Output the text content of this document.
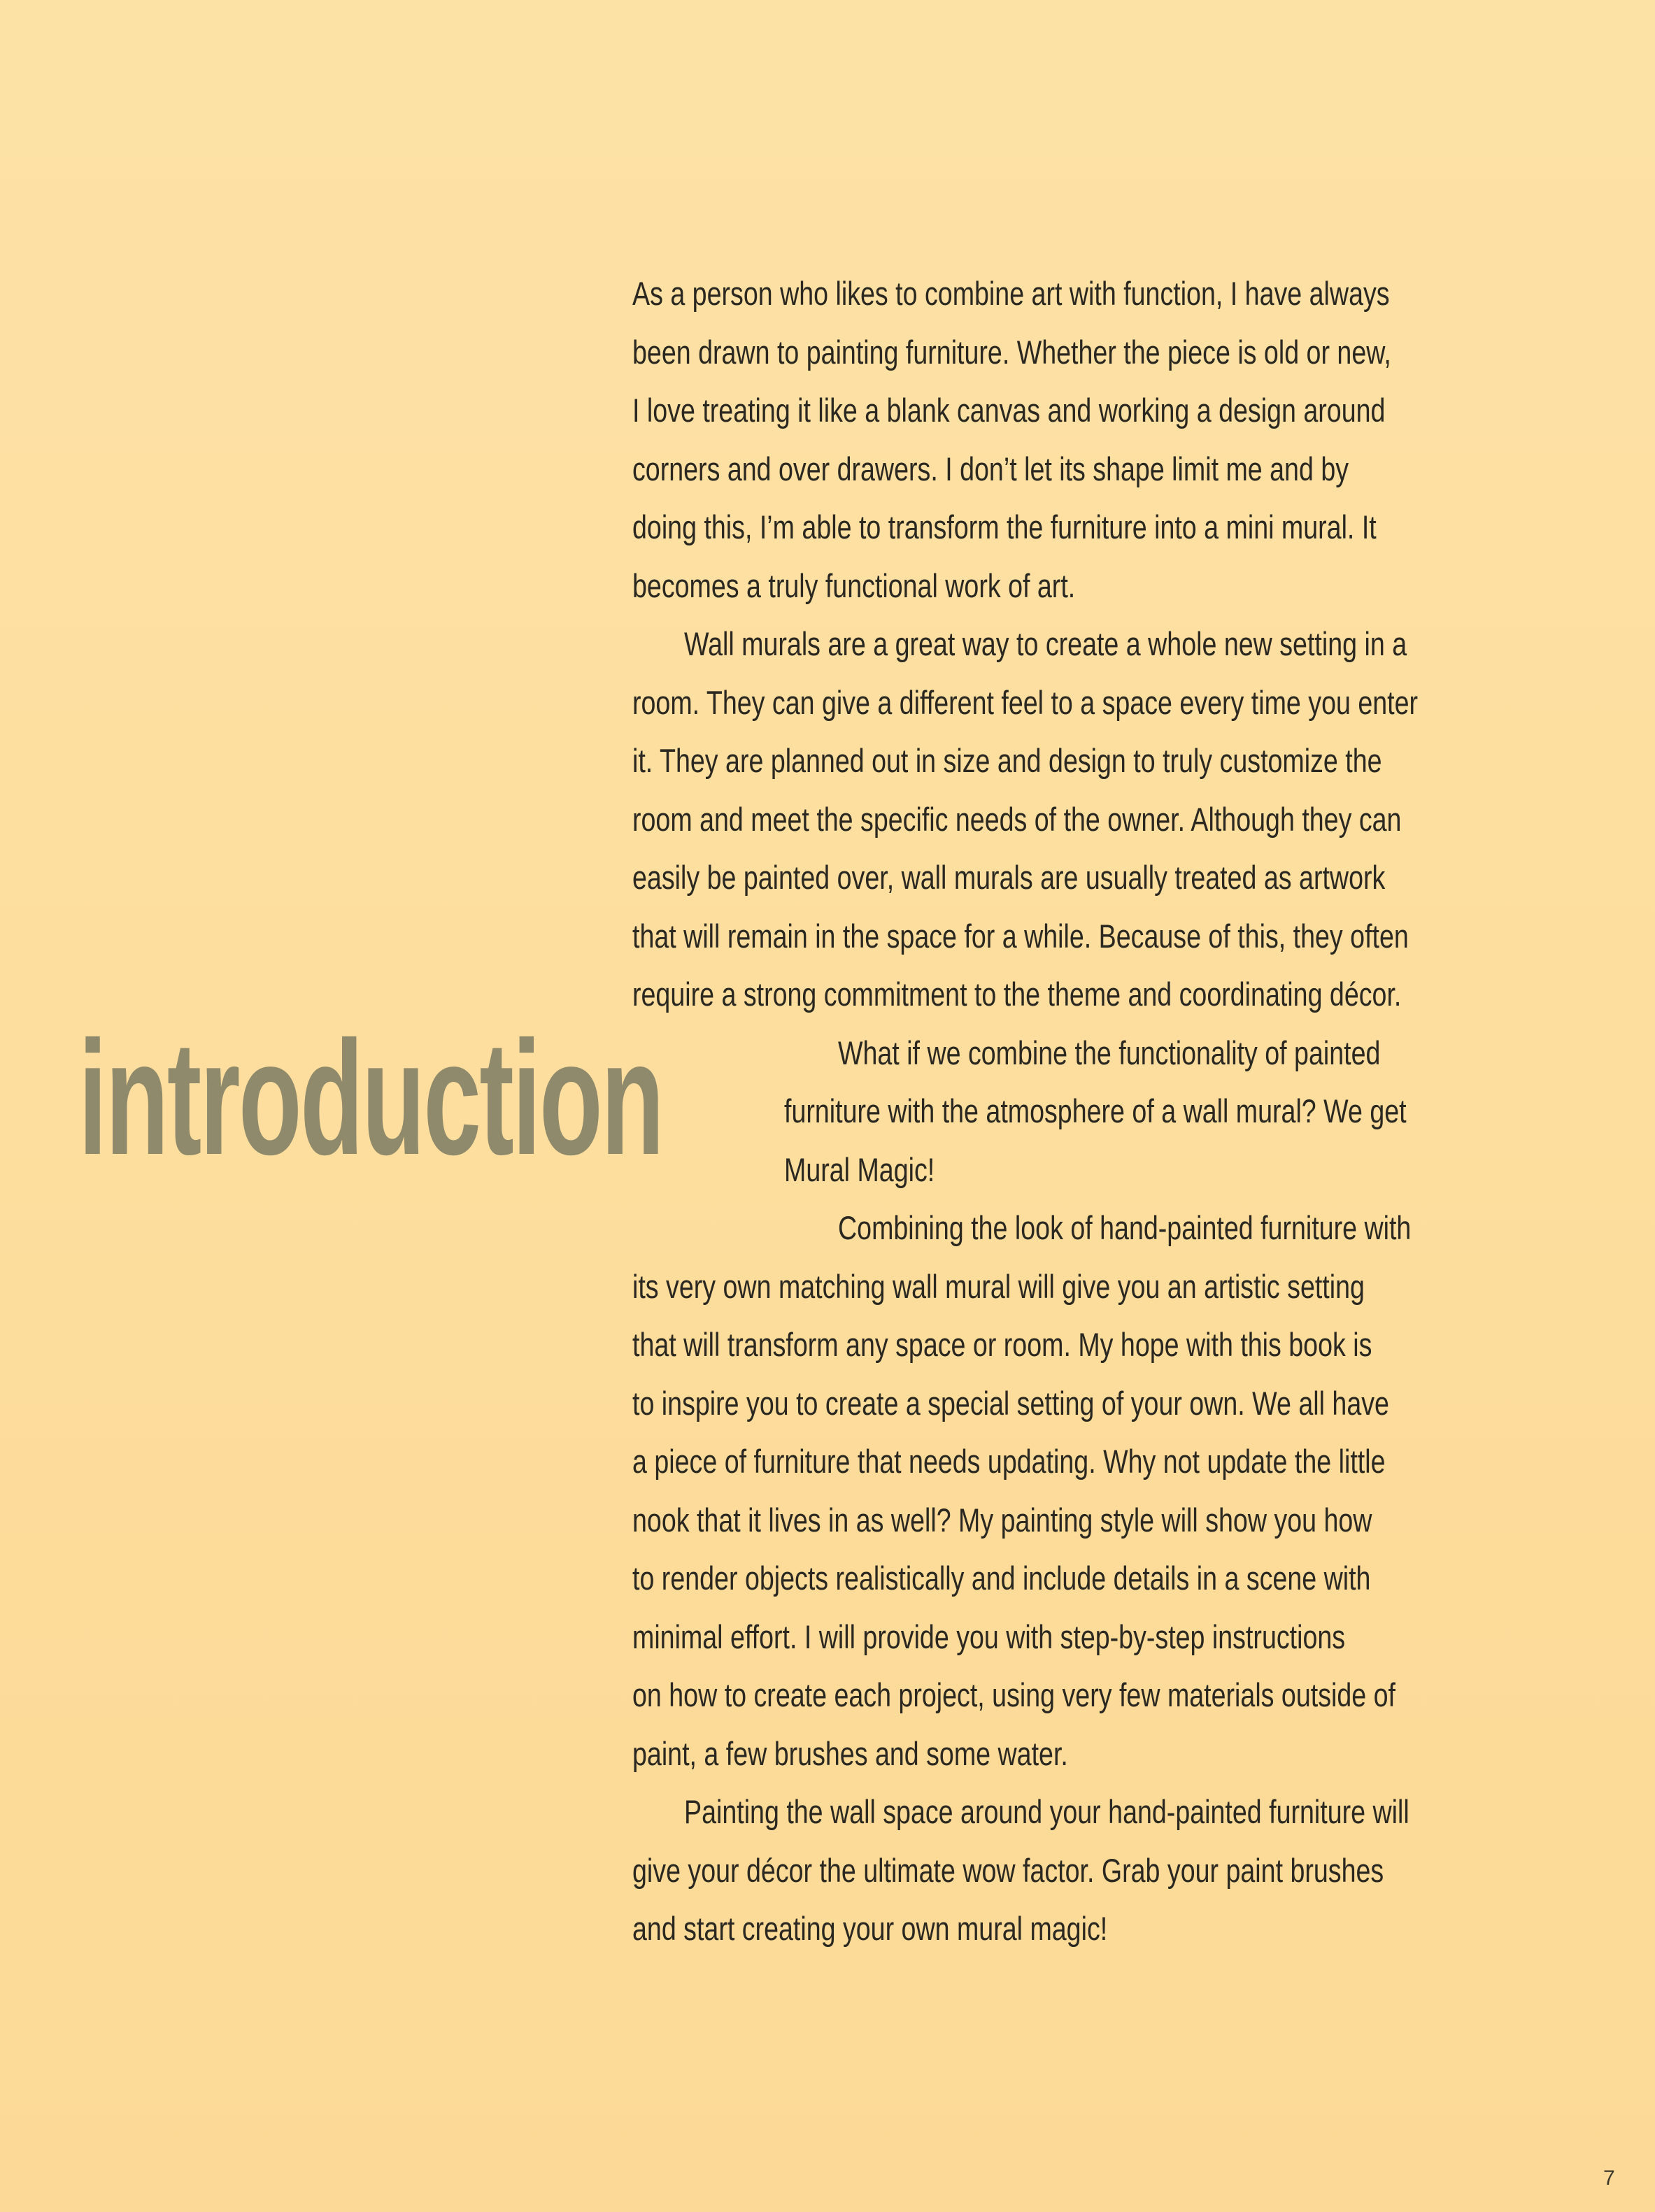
introduction
As a person who likes to combine art with function, I have always
been drawn to painting furniture. Whether the piece is old or new,
I love treating it like a blank canvas and working a design around
corners and over drawers. I don’t let its shape limit me and by
doing this, I’m able to transform the furniture into a mini mural. It
becomes a truly functional work of art.
Wall murals are a great way to create a whole new setting in a
room. They can give a different feel to a space every time you enter
it. They are planned out in size and design to truly customize the
room and meet the specific needs of the owner. Although they can
easily be painted over, wall murals are usually treated as artwork
that will remain in the space for a while. Because of this, they often
require a strong commitment to the theme and coordinating décor.
What if we combine the functionality of painted
furniture with the atmosphere of a wall mural? We get
Mural Magic!
Combining the look of hand-painted furniture with
its very own matching wall mural will give you an artistic setting
that will transform any space or room. My hope with this book is
to inspire you to create a special setting of your own. We all have
a piece of furniture that needs updating. Why not update the little
nook that it lives in as well? My painting style will show you how
to render objects realistically and include details in a scene with
minimal effort. I will provide you with step-by-step instructions
on how to create each project, using very few materials outside of
paint, a few brushes and some water.
Painting the wall space around your hand-painted furniture will
give your décor the ultimate wow factor. Grab your paint brushes
and start creating your own mural magic!
7
